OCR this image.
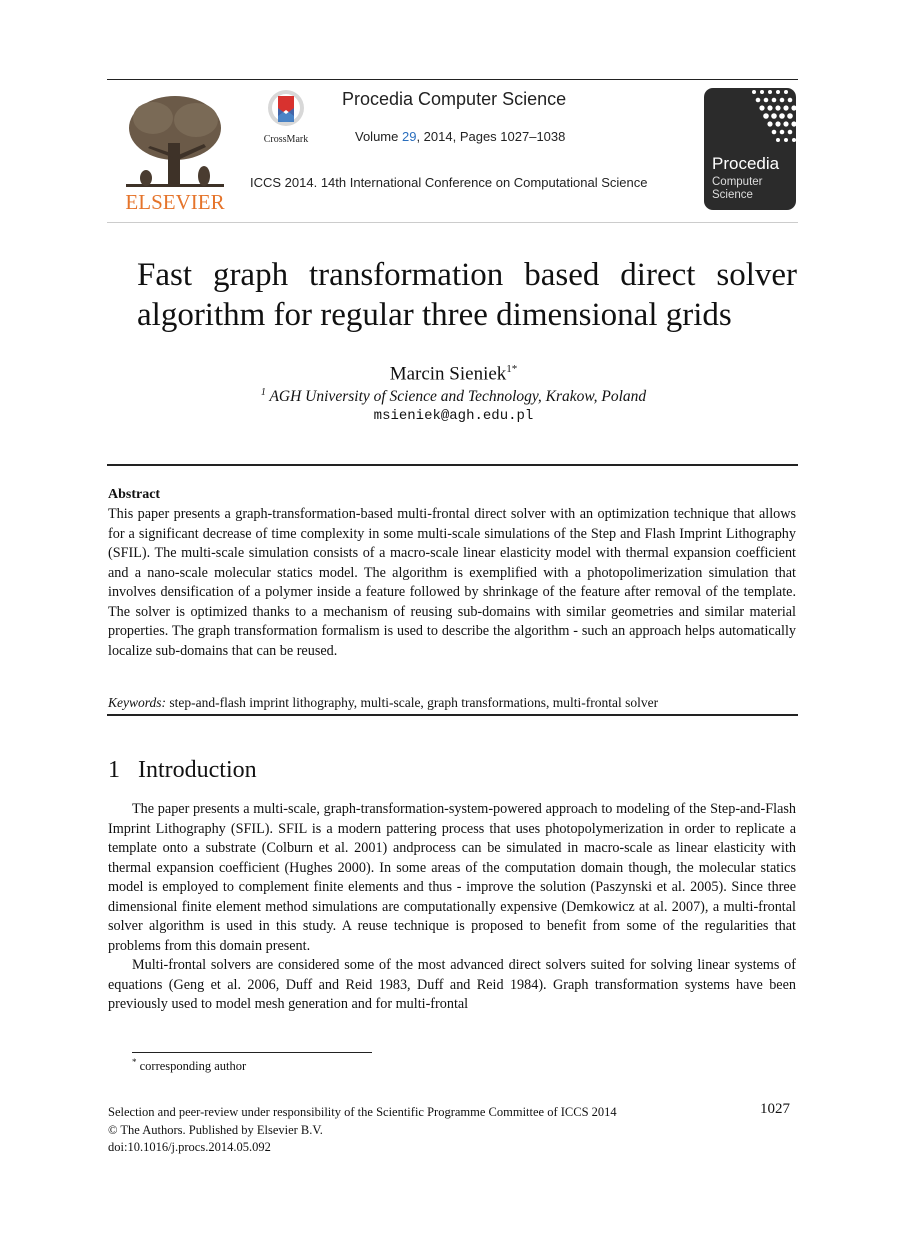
ELSEVIER
CrossMark
Procedia Computer Science
Volume 29, 2014, Pages 1027–1038
ICCS 2014. 14th International Conference on Computational Science
Procedia
Computer
Science
Fast graph transformation based direct solver
algorithm for regular three dimensional grids
Marcin Sieniek$^{1*}$
$^1$ AGH University of Science and Technology, Krakow, Poland
msieniek@agh.edu.pl
Abstract
This paper presents a graph-transformation-based multi-frontal direct solver with an optimization technique that allows for a significant decrease of time complexity in some multi-scale simulations of the Step and Flash Imprint Lithography (SFIL). The multi-scale simulation consists of a macro-scale linear elasticity model with thermal expansion coefficient and a nano-scale molecular statics model. The algorithm is exemplified with a photopolimerization simulation that involves densification of a polymer inside a feature followed by shrinkage of the feature after removal of the template. The solver is optimized thanks to a mechanism of reusing sub-domains with similar geometries and similar material properties. The graph transformation formalism is used to describe the algorithm - such an approach helps automatically localize sub-domains that can be reused.
Keywords: step-and-flash imprint lithography, multi-scale, graph transformations, multi-frontal solver
1 Introduction

The paper presents a multi-scale, graph-transformation-system-powered approach to modeling of the Step-and-Flash Imprint Lithography (SFIL). SFIL is a modern pattering process that uses photopolymerization in order to replicate a template onto a substrate (Colburn et al. 2001) andprocess can be simulated in macro-scale as linear elasticity with thermal expansion coefficient (Hughes 2000). In some areas of the computation domain though, the molecular statics model is employed to complement finite elements and thus - improve the solution (Paszynski et al. 2005). Since three dimensional finite element method simulations are computationally expensive (Demkowicz at al. 2007), a multi-frontal solver algorithm is used in this study. A reuse technique is proposed to benefit from some of the regularities that problems from this domain present.

Multi-frontal solvers are considered some of the most advanced direct solvers suited for solving linear systems of equations (Geng et al. 2006, Duff and Reid 1983, Duff and Reid 1984). Graph transformation systems have been previously used to model mesh generation and for multi-frontal

* corresponding author
Selection and peer-review under responsibility of the Scientific Programme Committee of ICCS 2014
© The Authors. Published by Elsevier B.V.
doi:10.1016/j.procs.2014.05.092
1027
